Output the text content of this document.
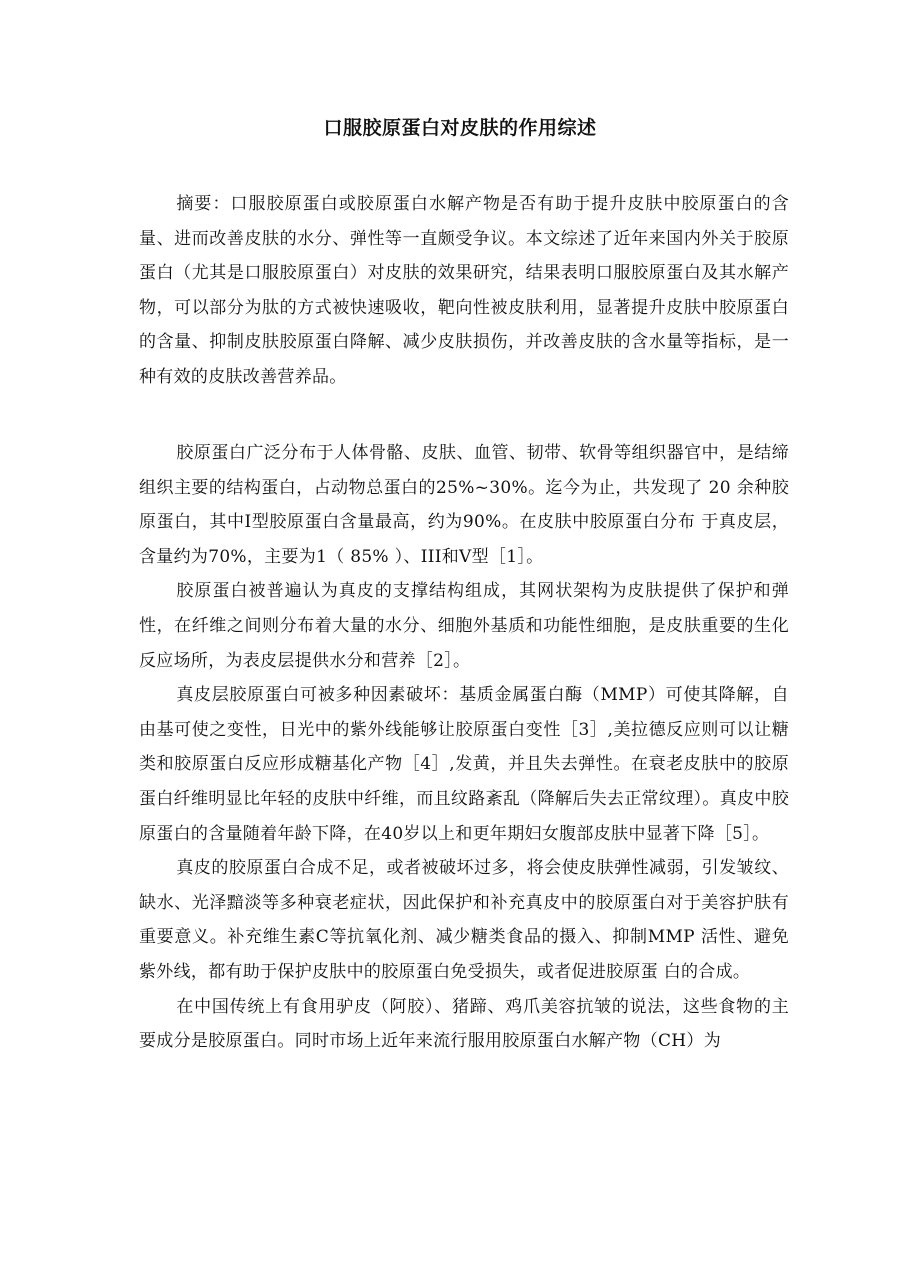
口服胶原蛋白对皮肤的作用综述

摘要：口服胶原蛋白或胶原蛋白水解产物是否有助于提升皮肤中胶原蛋白的含量、进而改善皮肤的水分、弹性等一直颇受争议。本文综述了近年来国内外关于胶原蛋白（尤其是口服胶原蛋白）对皮肤的效果研究，结果表明口服胶原蛋白及其水解产物，可以部分为肽的方式被快速吸收，靶向性被皮肤利用，显著提升皮肤中胶原蛋白的含量、抑制皮肤胶原蛋白降解、减少皮肤损伤，并改善皮肤的含水量等指标，是一种有效的皮肤改善营养品。

胶原蛋白广泛分布于人体骨骼、皮肤、血管、韧带、软骨等组织器官中，是结缔组织主要的结构蛋白，占动物总蛋白的25%~30%。迄今为止，共发现了 20 余种胶原蛋白，其中I型胶原蛋白含量最高，约为90%。在皮肤中胶原蛋白分布 于真皮层，含量约为70%，主要为1（ 85% ）、III和V型［1］。

胶原蛋白被普遍认为真皮的支撑结构组成，其网状架构为皮肤提供了保护和弹性，在纤维之间则分布着大量的水分、细胞外基质和功能性细胞，是皮肤重要的生化反应场所，为表皮层提供水分和营养［2］。

真皮层胶原蛋白可被多种因素破坏：基质金属蛋白酶（MMP）可使其降解，自由基可使之变性，日光中的紫外线能够让胶原蛋白变性［3］,美拉德反应则可以让糖类和胶原蛋白反应形成糖基化产物［4］,发黄，并且失去弹性。在衰老皮肤中的胶原蛋白纤维明显比年轻的皮肤中纤维，而且纹路紊乱（降解后失去正常纹理）。真皮中胶原蛋白的含量随着年龄下降，在40岁以上和更年期妇女腹部皮肤中显著下降［5］。

真皮的胶原蛋白合成不足，或者被破坏过多，将会使皮肤弹性减弱，引发皱纹、缺水、光泽黯淡等多种衰老症状，因此保护和补充真皮中的胶原蛋白对于美容护肤有重要意义。补充维生素C等抗氧化剂、减少糖类食品的摄入、抑制MMP 活性、避免紫外线，都有助于保护皮肤中的胶原蛋白免受损失，或者促进胶原蛋 白的合成。

在中国传统上有食用驴皮（阿胶）、猪蹄、鸡爪美容抗皱的说法，这些食物的主要成分是胶原蛋白。同时市场上近年来流行服用胶原蛋白水解产物（CH）为
